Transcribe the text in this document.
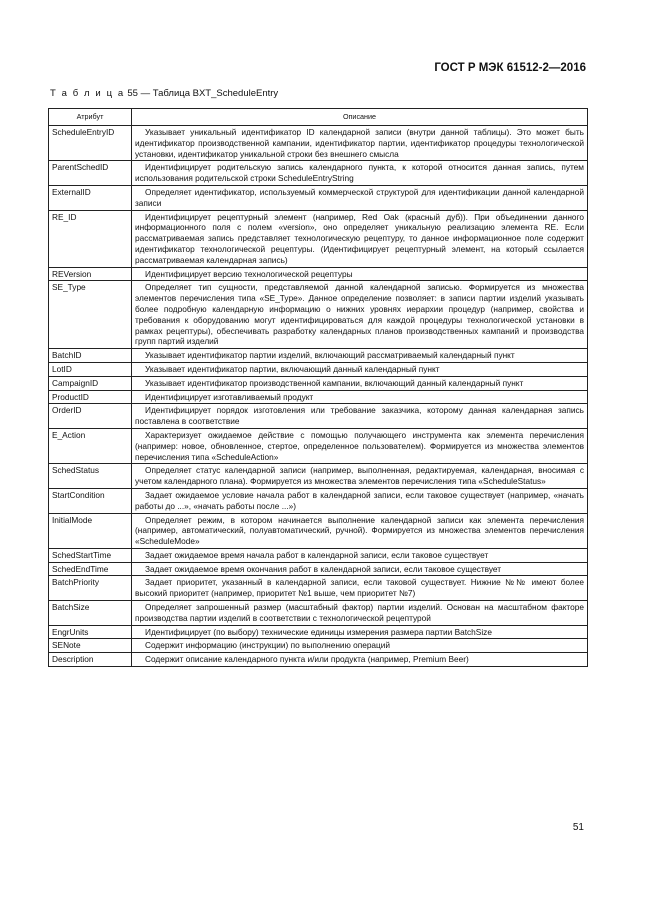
ГОСТ Р МЭК 61512-2—2016
Т а б л и ц а 55 — Таблица BXT_ScheduleEntry
Атрибут	Описание
ScheduleEntryID	Указывает уникальный идентификатор ID календарной записи (внутри данной таблицы). Это может быть идентификатор производственной кампании, идентификатор партии, идентификатор процедуры технологической установки, идентификатор уникальной строки без внешнего смысла
ParentSchedID	Идентифицирует родительскую запись календарного пункта, к которой относится данная запись, путем использования родительской строки ScheduleEntryString
ExternalID	Определяет идентификатор, используемый коммерческой структурой для идентификации данной календарной записи
RE_ID	Идентифицирует рецептурный элемент (например, Red Oak (красный дуб)). При объединении данного информационного поля с полем «version», оно определяет уникальную реализацию элемента RE. Если рассматриваемая запись представляет технологическую рецептуру, то данное информационное поле содержит идентификатор технологической рецептуры. (Идентифицирует рецептурный элемент, на который ссылается рассматриваемая календарная запись)
REVersion	Идентифицирует версию технологической рецептуры
SE_Type	Определяет тип сущности, представляемой данной календарной записью. Формируется из множества элементов перечисления типа «SE_Type». Данное определение позволяет: в записи партии изделий указывать более подробную календарную информацию о нижних уровнях иерархии процедур (например, свойства и требования к оборудованию могут идентифицироваться для каждой процедуры технологической установки в рамках рецептуры), обеспечивать разработку календарных планов производственных кампаний и производства групп партий изделий
BatchID	Указывает идентификатор партии изделий, включающий рассматриваемый календарный пункт
LotID	Указывает идентификатор партии, включающий данный календарный пункт
CampaignID	Указывает идентификатор производственной кампании, включающий данный календарный пункт
ProductID	Идентифицирует изготавливаемый продукт
OrderID	Идентифицирует порядок изготовления или требование заказчика, которому данная календарная запись поставлена в соответствие
E_Action	Характеризует ожидаемое действие с помощью получающего инструмента как элемента перечисления (например: новое, обновленное, стертое, определенное пользователем). Формируется из множества элементов перечисления типа «ScheduleAction»
SchedStatus	Определяет статус календарной записи (например, выполненная, редактируемая, календарная, вносимая с учетом календарного плана). Формируется из множества элементов перечисления типа «ScheduleStatus»
StartCondition	Задает ожидаемое условие начала работ в календарной записи, если таковое существует (например, «начать работы до ...», «начать работы после ...»)
InitialMode	Определяет режим, в котором начинается выполнение календарной записи как элемента перечисления (например, автоматический, полуавтоматический, ручной). Формируется из множества элементов перечисления «ScheduleMode»
SchedStartTime	Задает ожидаемое время начала работ в календарной записи, если таковое существует
SchedEndTime	Задает ожидаемое время окончания работ в календарной записи, если таковое существует
BatchPriority	Задает приоритет, указанный в календарной записи, если таковой существует. Нижние №№ имеют более высокий приоритет (например, приоритет №1 выше, чем приоритет №7)
BatchSize	Определяет запрошенный размер (масштабный фактор) партии изделий. Основан на масштабном факторе производства партии изделий в соответствии с технологической рецептурой
EngrUnits	Идентифицирует (по выбору) технические единицы измерения размера партии BatchSize
SENote	Содержит информацию (инструкции) по выполнению операций
Description	Содержит описание календарного пункта и/или продукта (например, Premium Beer)
51
